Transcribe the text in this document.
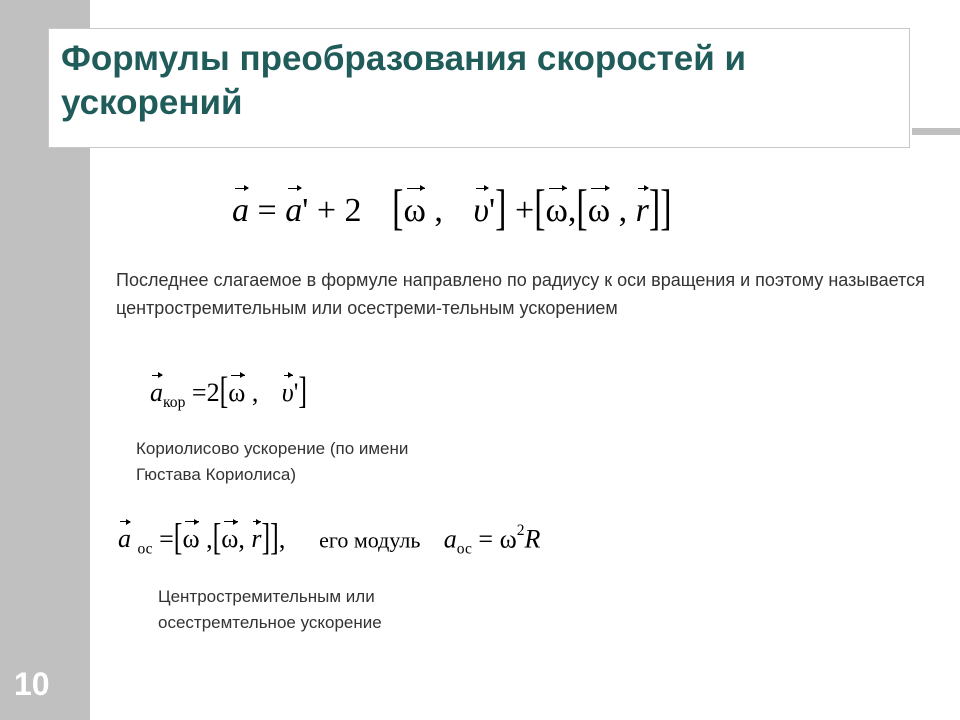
Формулы преобразования скоростей и ускорений
10
a = a' + 2 [ω , υ'] +[ω,[ω , r]]

Последнее слагаемое в формуле направлено по радиусу к оси вращения и поэтому называется центростремительным или осестреми-тельным ускорением

$a_{кор} =2[\omega$ , υ']

Кориолисово ускорение (по имени Гюстава Кориолиса)

a $_{ос}$ =[ω ,[ω, r]], его модуль $a_{ос} = \omega^2R$

Центростремительным или осестремтельное ускорение
